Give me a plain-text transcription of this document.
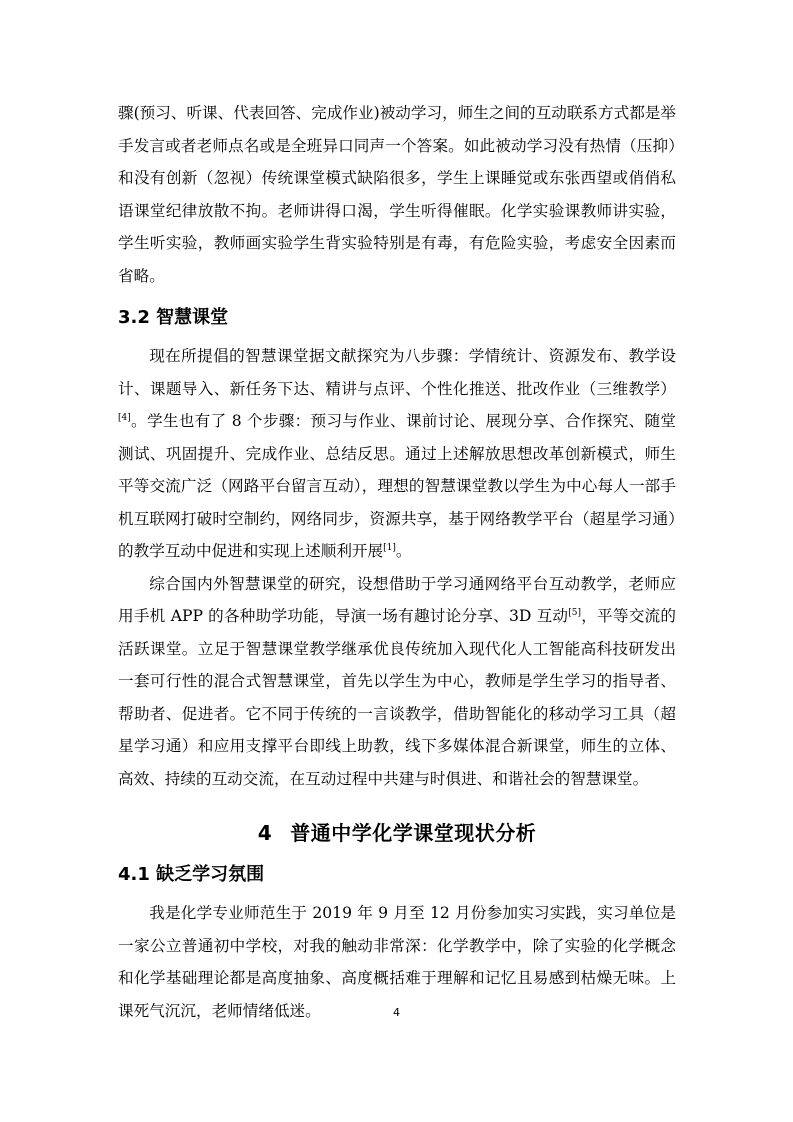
骤(预习、听课、代表回答、完成作业)被动学习，师生之间的互动联系方式都是举手发言或者老师点名或是全班异口同声一个答案。如此被动学习没有热情（压抑）和没有创新（忽视）传统课堂模式缺陷很多，学生上课睡觉或东张西望或俏俏私语课堂纪律放散不拘。老师讲得口渴，学生听得催眠。化学实验课教师讲实验，学生听实验，教师画实验学生背实验特别是有毒，有危险实验，考虑安全因素而省略。

3.2 智慧课堂

现在所提倡的智慧课堂据文献探究为八步骤：学情统计、资源发布、教学设计、课题导入、新任务下达、精讲与点评、个性化推送、批改作业（三维教学）[4]。学生也有了 8 个步骤：预习与作业、课前讨论、展现分享、合作探究、随堂测试、巩固提升、完成作业、总结反思。通过上述解放思想改革创新模式，师生平等交流广泛（网路平台留言互动），理想的智慧课堂教以学生为中心每人一部手机互联网打破时空制约，网络同步，资源共享，基于网络教学平台（超星学习通）的教学互动中促进和实现上述顺利开展[1]。

综合国内外智慧课堂的研究，设想借助于学习通网络平台互动教学，老师应用手机 APP 的各种助学功能，导演一场有趣讨论分享、3D 互动[5]，平等交流的活跃课堂。立足于智慧课堂教学继承优良传统加入现代化人工智能高科技研发出一套可行性的混合式智慧课堂，首先以学生为中心，教师是学生学习的指导者、帮助者、促进者。它不同于传统的一言谈教学，借助智能化的移动学习工具（超星学习通）和应用支撑平台即线上助教，线下多媒体混合新课堂，师生的立体、高效、持续的互动交流，在互动过程中共建与时俱进、和谐社会的智慧课堂。

4 普通中学化学课堂现状分析
4.1 缺乏学习氛围

我是化学专业师范生于 2019 年 9 月至 12 月份参加实习实践，实习单位是一家公立普通初中学校，对我的触动非常深：化学教学中，除了实验的化学概念和化学基础理论都是高度抽象、高度概括难于理解和记忆且易感到枯燥无味。上课死气沉沉，老师情绪低迷。	4
